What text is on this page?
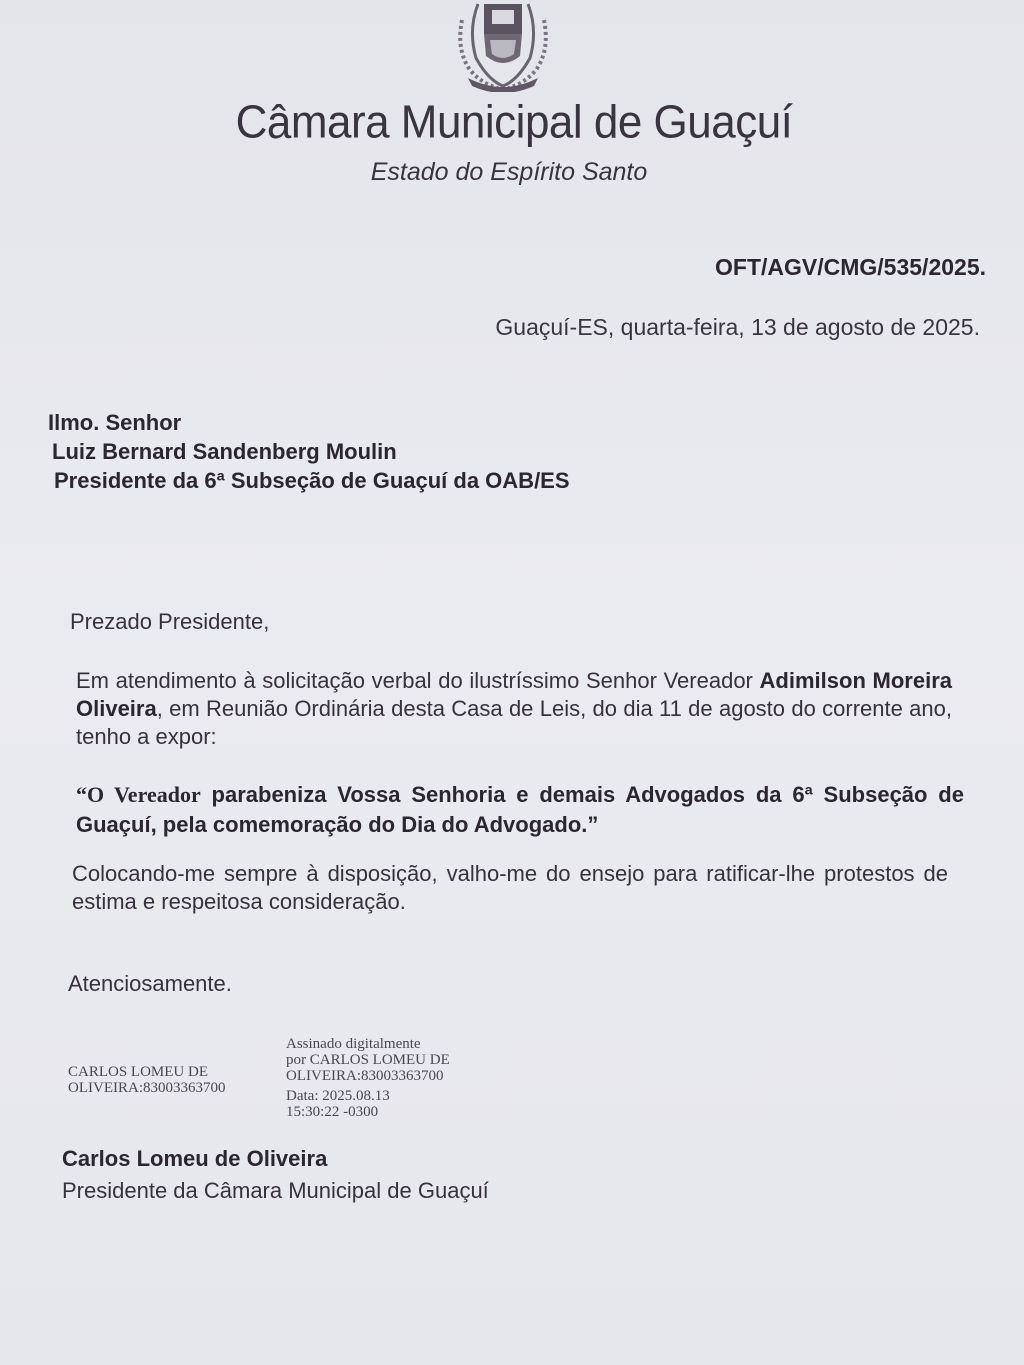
Câmara Municipal de Guaçuí
Estado do Espírito Santo
OFT/AGV/CMG/535/2025.
Guaçuí-ES, quarta-feira, 13 de agosto de 2025.
Ilmo. Senhor
Luiz Bernard Sandenberg Moulin
Presidente da 6ª Subseção de Guaçuí da OAB/ES
Prezado Presidente,
Em atendimento à solicitação verbal do ilustríssimo Senhor Vereador Adimilson Moreira Oliveira, em Reunião Ordinária desta Casa de Leis, do dia 11 de agosto do corrente ano, tenho a expor:
“O Vereador parabeniza Vossa Senhoria e demais Advogados da 6ª Subseção de Guaçuí, pela comemoração do Dia do Advogado.”
Colocando-me sempre à disposição, valho-me do ensejo para ratificar-lhe protestos de estima e respeitosa consideração.
Atenciosamente.
CARLOS LOMEU DE
OLIVEIRA:83003363700
Assinado digitalmente
por CARLOS LOMEU DE
OLIVEIRA:83003363700
Data: 2025.08.13
15:30:22 -0300
Carlos Lomeu de Oliveira
Presidente da Câmara Municipal de Guaçuí
